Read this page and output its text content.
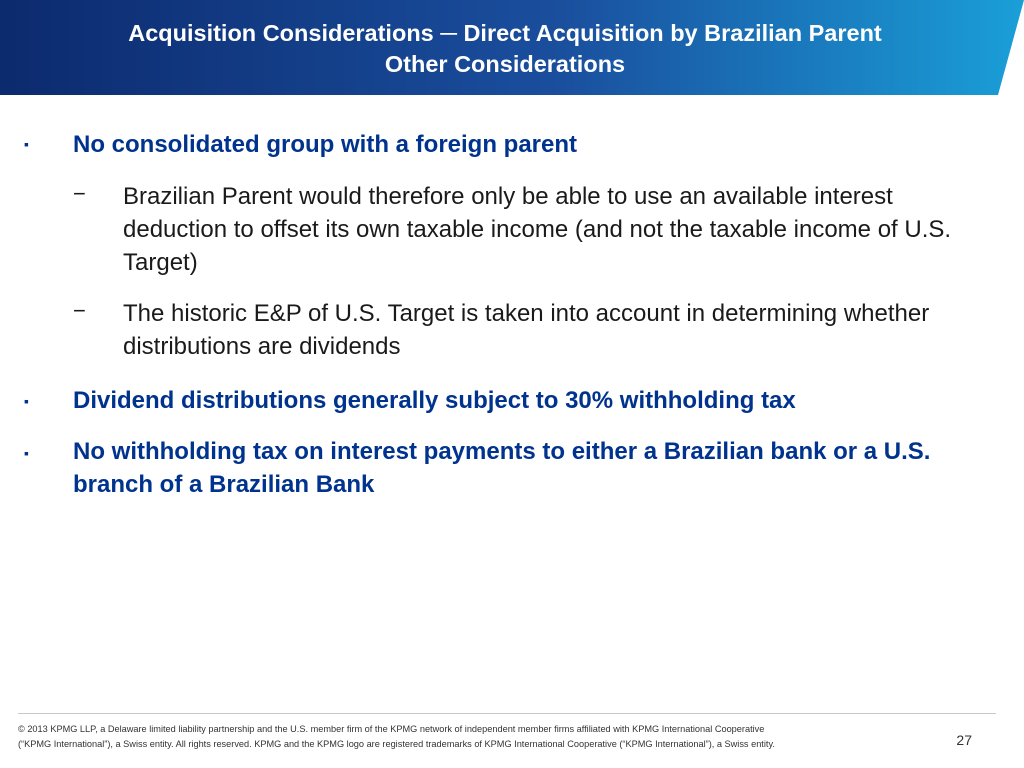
Acquisition Considerations ─ Direct Acquisition by Brazilian Parent
Other Considerations
▪ No consolidated group with a foreign parent
− Brazilian Parent would therefore only be able to use an available interest deduction to offset its own taxable income (and not the taxable income of U.S. Target)
− The historic E&P of U.S. Target is taken into account in determining whether distributions are dividends
▪ Dividend distributions generally subject to 30% withholding tax
▪ No withholding tax on interest payments to either a Brazilian bank or a U.S. branch of a Brazilian Bank
© 2013 KPMG LLP, a Delaware limited liability partnership and the U.S. member firm of the KPMG network of independent member firms affiliated with KPMG International Cooperative
(“KPMG International”), a Swiss entity. All rights reserved. KPMG and the KPMG logo are registered trademarks of KPMG International Cooperative (“KPMG International”), a Swiss entity.	27
